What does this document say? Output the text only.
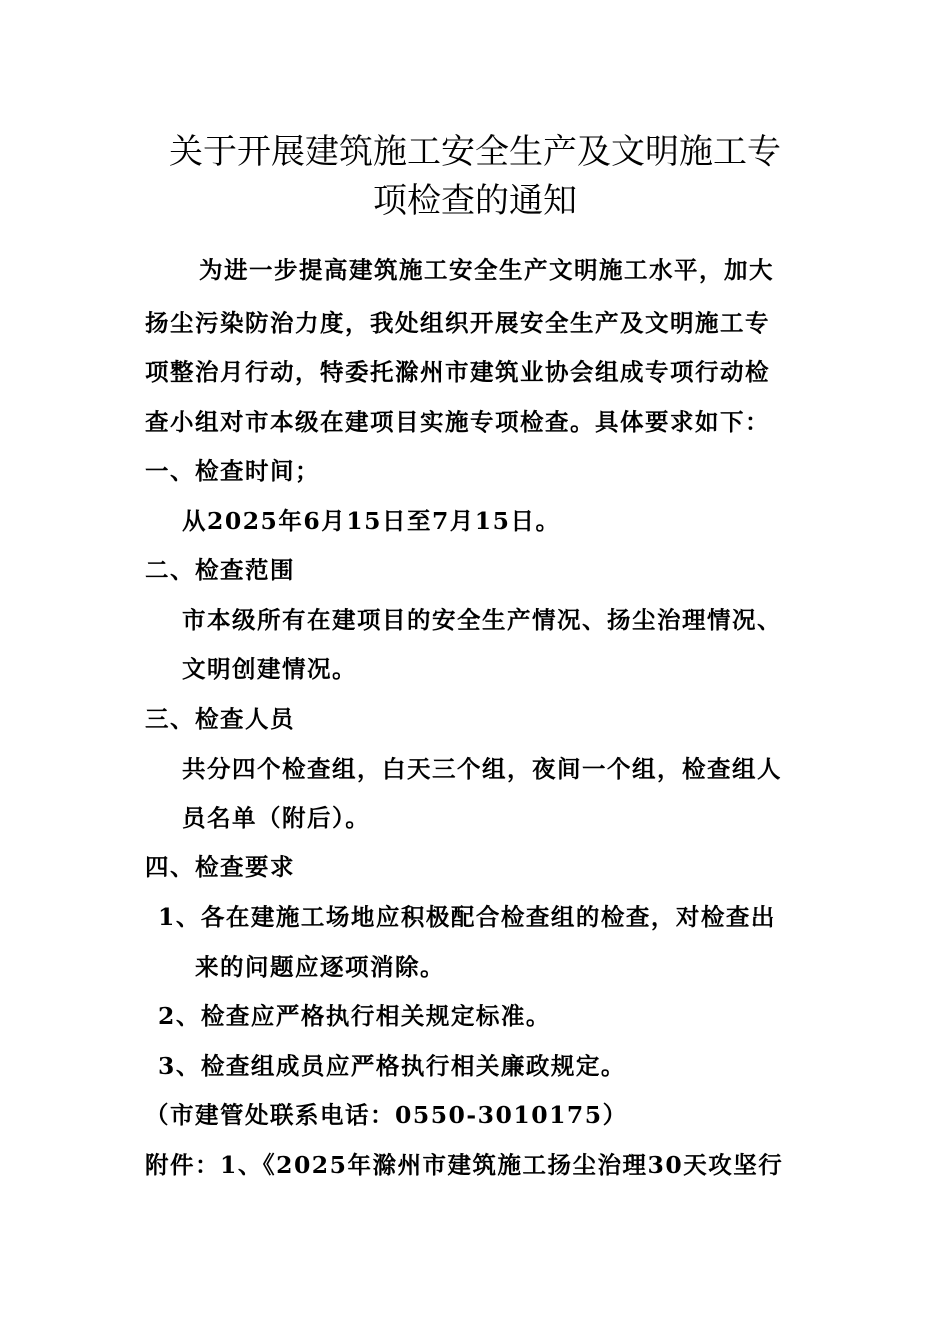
关于开展建筑施工安全生产及文明施工专
项检查的通知
为进一步提高建筑施工安全生产文明施工水平，加大
扬尘污染防治力度，我处组织开展安全生产及文明施工专
项整治月行动，特委托滁州市建筑业协会组成专项行动检
查小组对市本级在建项目实施专项检查。具体要求如下：
一、检查时间；
从2025年6月15日至7月15日。
二、检查范围
市本级所有在建项目的安全生产情况、扬尘治理情况、
文明创建情况。
三、检查人员
共分四个检查组，白天三个组，夜间一个组，检查组人
员名单（附后）。
四、检查要求
1、各在建施工场地应积极配合检查组的检查，对检查出
来的问题应逐项消除。
2、检查应严格执行相关规定标准。
3、检查组成员应严格执行相关廉政规定。
（市建管处联系电话：0550-3010175）
附件：1、《2025年滁州市建筑施工扬尘治理30天攻坚行
